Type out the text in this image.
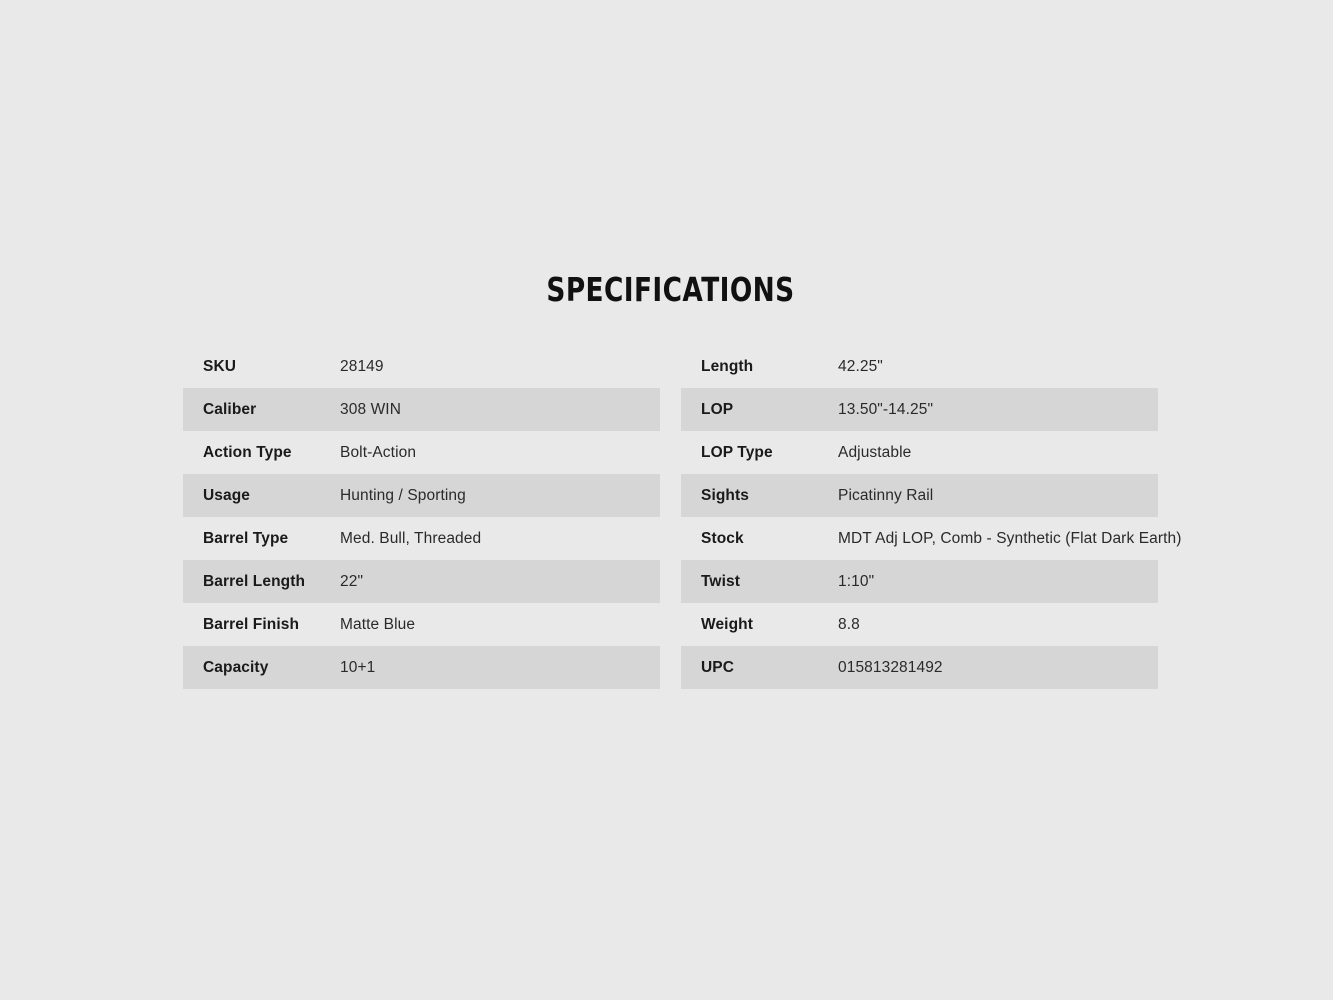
SPECIFICATIONS
SKU	28149
Caliber	308 WIN
Action Type	Bolt-Action
Usage	Hunting / Sporting
Barrel Type	Med. Bull, Threaded
Barrel Length	22"
Barrel Finish	Matte Blue
Capacity	10+1
Length	42.25"
LOP	13.50"-14.25"
LOP Type	Adjustable
Sights	Picatinny Rail
Stock	MDT Adj LOP, Comb - Synthetic (Flat Dark Earth)
Twist	1:10"
Weight	8.8
UPC	015813281492
